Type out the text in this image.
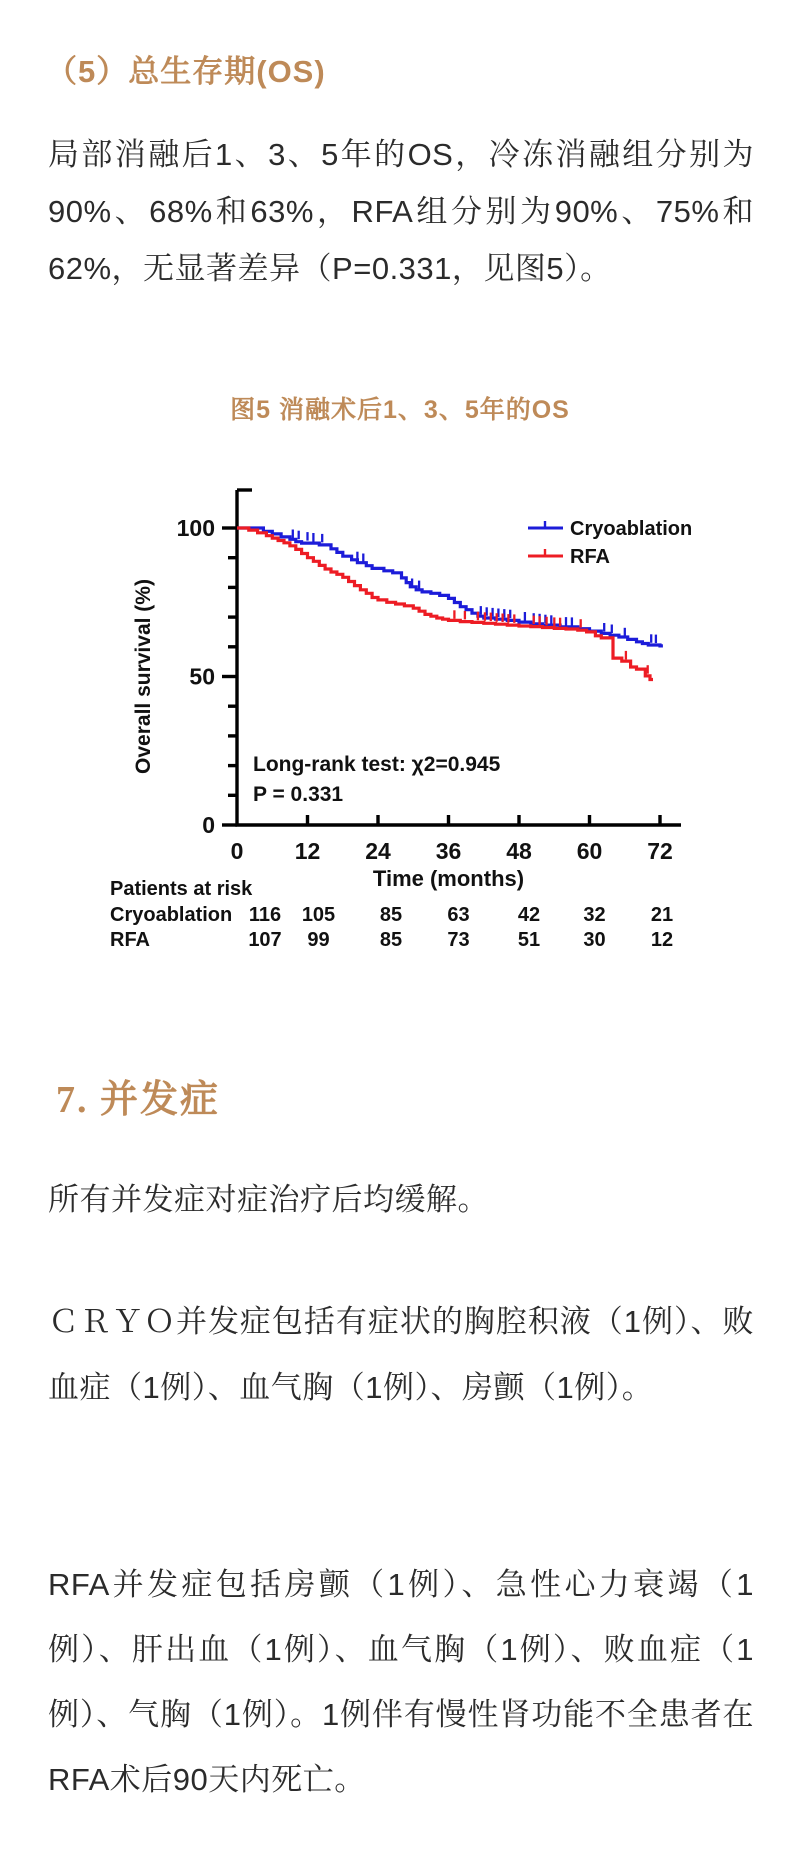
（5）总生存期(OS)
局部消融后1、3、5年的OS，冷冻消融组分别为90%、68%和63%，RFA组分别为90%、75%和62%，无显著差异（P=0.331，见图5）。
图5 消融术后1、3、5年的OS
0
50
100
0 12 24 36 48 60 72
Time (months)
Overall survival (%)
Cryoablation
RFA
Long-rank test: χ2=0.945
P = 0.331
Patients at risk
Cryoablation 116 105 85 63 42 32 21
RFA	107 99	85 73 51 30 12
7. 并发症
所有并发症对症治疗后均缓解。
ＣＲＹＯ并发症包括有症状的胸腔积液（1例）、败血症（1例）、血气胸（1例）、房颤（1例）。
RFA并发症包括房颤（1例）、急性心力衰竭（1例）、肝出血（1例）、血气胸（1例）、败血症（1例）、气胸（1例）。1例伴有慢性肾功能不全患者在RFA术后90天内死亡。
